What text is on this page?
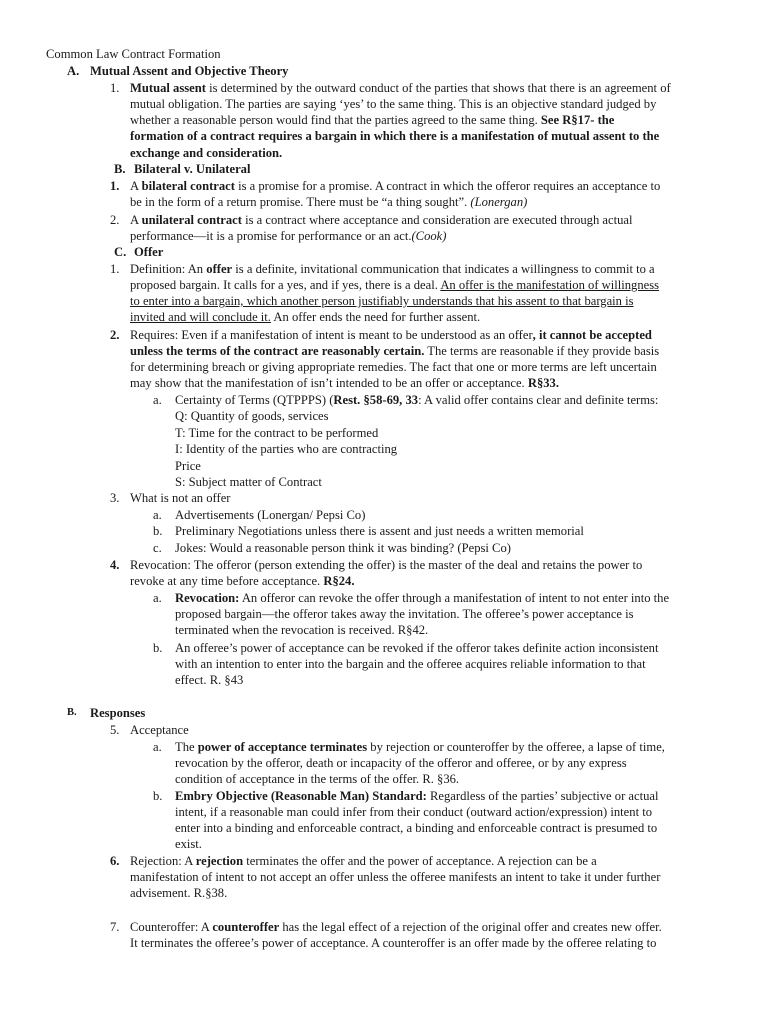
Common Law Contract Formation
A. Mutual Assent and Objective Theory
1. Mutual assent is determined by the outward conduct of the parties that shows that there is an agreement of
mutual obligation. The parties are saying ‘yes’ to the same thing. This is an objective standard judged by
whether a reasonable person would find that the parties agreed to the same thing. See R§17- the
formation of a contract requires a bargain in which there is a manifestation of mutual assent to the
exchange and consideration.
B. Bilateral v. Unilateral
1. A bilateral contract is a promise for a promise. A contract in which the offeror requires an acceptance to
be in the form of a return promise. There must be “a thing sought”. (Lonergan)
2. A unilateral contract is a contract where acceptance and consideration are executed through actual
performance—it is a promise for performance or an act.(Cook)
C. Offer
1. Definition: An offer is a definite, invitational communication that indicates a willingness to commit to a
proposed bargain. It calls for a yes, and if yes, there is a deal. An offer is the manifestation of willingness
to enter into a bargain, which another person justifiably understands that his assent to that bargain is
invited and will conclude it. An offer ends the need for further assent.
2. Requires: Even if a manifestation of intent is meant to be understood as an offer, it cannot be accepted
unless the terms of the contract are reasonably certain. The terms are reasonable if they provide basis
for determining breach or giving appropriate remedies. The fact that one or more terms are left uncertain
may show that the manifestation of isn’t intended to be an offer or acceptance. R§33.
a. Certainty of Terms (QTPPPS) (Rest. §58-69, 33: A valid offer contains clear and definite terms:
Q: Quantity of goods, services
T: Time for the contract to be performed
I: Identity of the parties who are contracting
Price
S: Subject matter of Contract
3. What is not an offer
a. Advertisements (Lonergan/ Pepsi Co)
b. Preliminary Negotiations unless there is assent and just needs a written memorial
c. Jokes: Would a reasonable person think it was binding? (Pepsi Co)
4. Revocation: The offeror (person extending the offer) is the master of the deal and retains the power to
revoke at any time before acceptance. R§24.
a. Revocation: An offeror can revoke the offer through a manifestation of intent to not enter into the
proposed bargain—the offeror takes away the invitation. The offeree’s power acceptance is
terminated when the revocation is received. R§42.
b. An offeree’s power of acceptance can be revoked if the offeror takes definite action inconsistent
with an intention to enter into the bargain and the offeree acquires reliable information to that
effect. R. §43
B. Responses
5. Acceptance
a. The power of acceptance terminates by rejection or counteroffer by the offeree, a lapse of time,
revocation by the offeror, death or incapacity of the offeror and offeree, or by any express
condition of acceptance in the terms of the offer. R. §36.
b. Embry Objective (Reasonable Man) Standard: Regardless of the parties’ subjective or actual
intent, if a reasonable man could infer from their conduct (outward action/expression) intent to
enter into a binding and enforceable contract, a binding and enforceable contract is presumed to
exist.
6. Rejection: A rejection terminates the offer and the power of acceptance. A rejection can be a
manifestation of intent to not accept an offer unless the offeree manifests an intent to take it under further
advisement. R.§38.
7. Counteroffer: A counteroffer has the legal effect of a rejection of the original offer and creates new offer.
It terminates the offeree’s power of acceptance. A counteroffer is an offer made by the offeree relating to
